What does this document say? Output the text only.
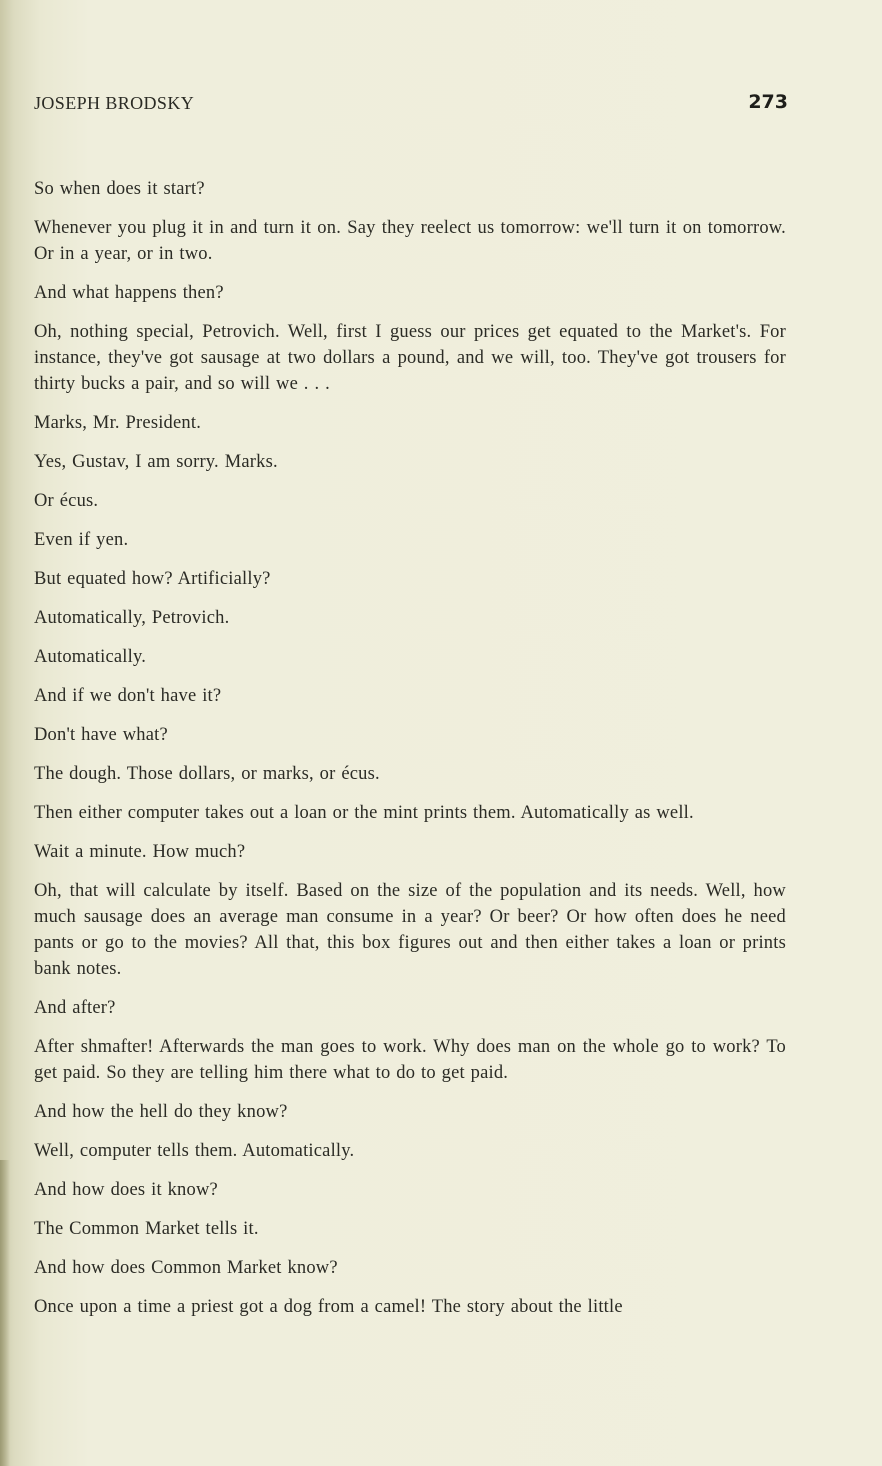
JOSEPH BRODSKY	273

So when does it start?

Whenever you plug it in and turn it on. Say they reelect us tomorrow: we'll turn it on tomorrow. Or in a year, or in two.

And what happens then?

Oh, nothing special, Petrovich. Well, first I guess our prices get equated to the Market's. For instance, they've got sausage at two dollars a pound, and we will, too. They've got trousers for thirty bucks a pair, and so will we . . .

Marks, Mr. President.

Yes, Gustav, I am sorry. Marks.

Or écus.

Even if yen.

But equated how? Artificially?

Automatically, Petrovich.

Automatically.

And if we don't have it?

Don't have what?

The dough. Those dollars, or marks, or écus.

Then either computer takes out a loan or the mint prints them. Automatically as well.

Wait a minute. How much?

Oh, that will calculate by itself. Based on the size of the population and its needs. Well, how much sausage does an average man consume in a year? Or beer? Or how often does he need pants or go to the movies? All that, this box figures out and then either takes a loan or prints bank notes.

And after?

After shmafter! Afterwards the man goes to work. Why does man on the whole go to work? To get paid. So they are telling him there what to do to get paid.

And how the hell do they know?

Well, computer tells them. Automatically.

And how does it know?

The Common Market tells it.

And how does Common Market know?

Once upon a time a priest got a dog from a camel! The story about the little
